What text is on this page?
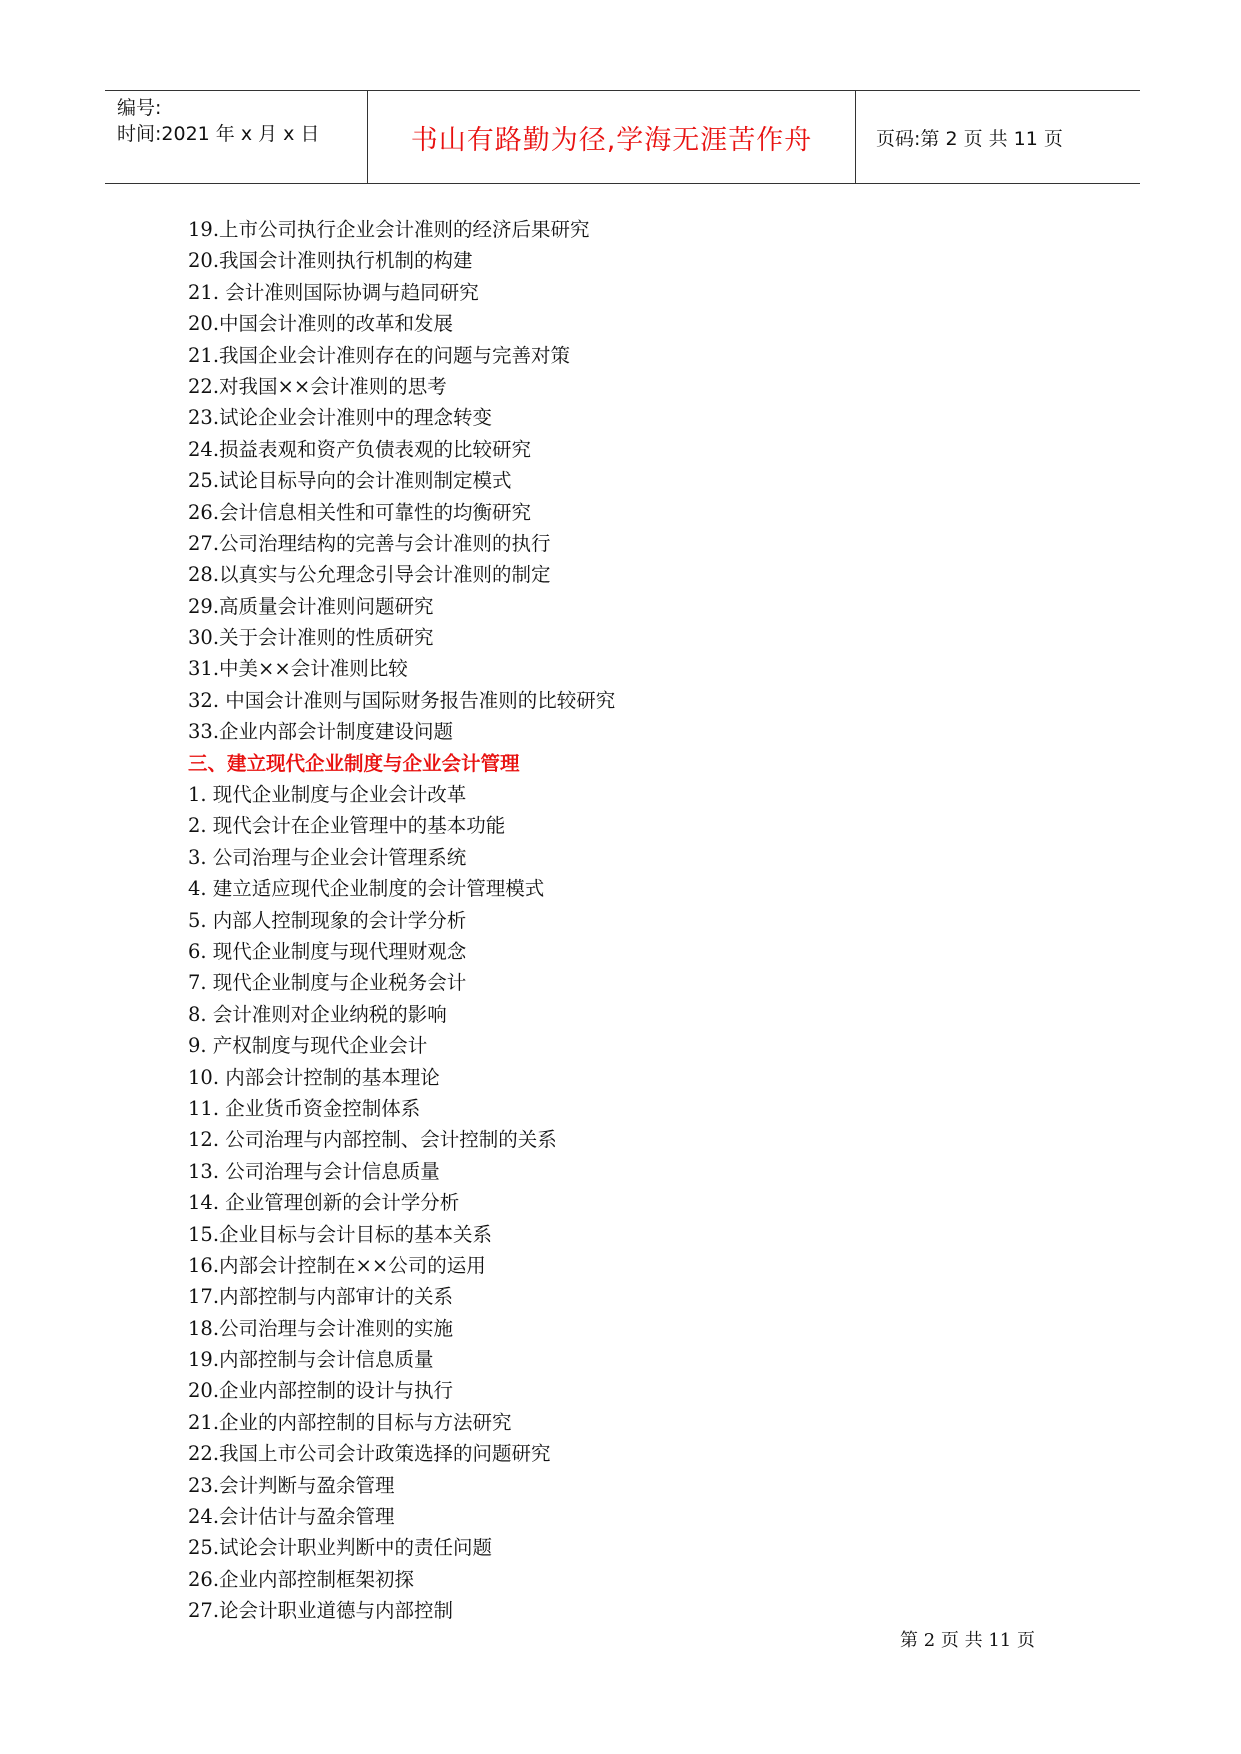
编号:
时间:2021 年 x 月 x 日	书山有路勤为径,学海无涯苦作舟	页码:第 2 页 共 11 页
19.上市公司执行企业会计准则的经济后果研究
20.我国会计准则执行机制的构建
21. 会计准则国际协调与趋同研究
20.中国会计准则的改革和发展
21.我国企业会计准则存在的问题与完善对策
22.对我国××会计准则的思考
23.试论企业会计准则中的理念转变
24.损益表观和资产负债表观的比较研究
25.试论目标导向的会计准则制定模式
26.会计信息相关性和可靠性的均衡研究
27.公司治理结构的完善与会计准则的执行
28.以真实与公允理念引导会计准则的制定
29.高质量会计准则问题研究
30.关于会计准则的性质研究
31.中美××会计准则比较
32. 中国会计准则与国际财务报告准则的比较研究
33.企业内部会计制度建设问题
三、建立现代企业制度与企业会计管理
1. 现代企业制度与企业会计改革
2. 现代会计在企业管理中的基本功能
3. 公司治理与企业会计管理系统
4. 建立适应现代企业制度的会计管理模式
5. 内部人控制现象的会计学分析
6. 现代企业制度与现代理财观念
7. 现代企业制度与企业税务会计
8. 会计准则对企业纳税的影响
9. 产权制度与现代企业会计
10. 内部会计控制的基本理论
11. 企业货币资金控制体系
12. 公司治理与内部控制、会计控制的关系
13. 公司治理与会计信息质量
14. 企业管理创新的会计学分析
15.企业目标与会计目标的基本关系
16.内部会计控制在××公司的运用
17.内部控制与内部审计的关系
18.公司治理与会计准则的实施
19.内部控制与会计信息质量
20.企业内部控制的设计与执行
21.企业的内部控制的目标与方法研究
22.我国上市公司会计政策选择的问题研究
23.会计判断与盈余管理
24.会计估计与盈余管理
25.试论会计职业判断中的责任问题
26.企业内部控制框架初探
27.论会计职业道德与内部控制
第 2 页 共 11 页
